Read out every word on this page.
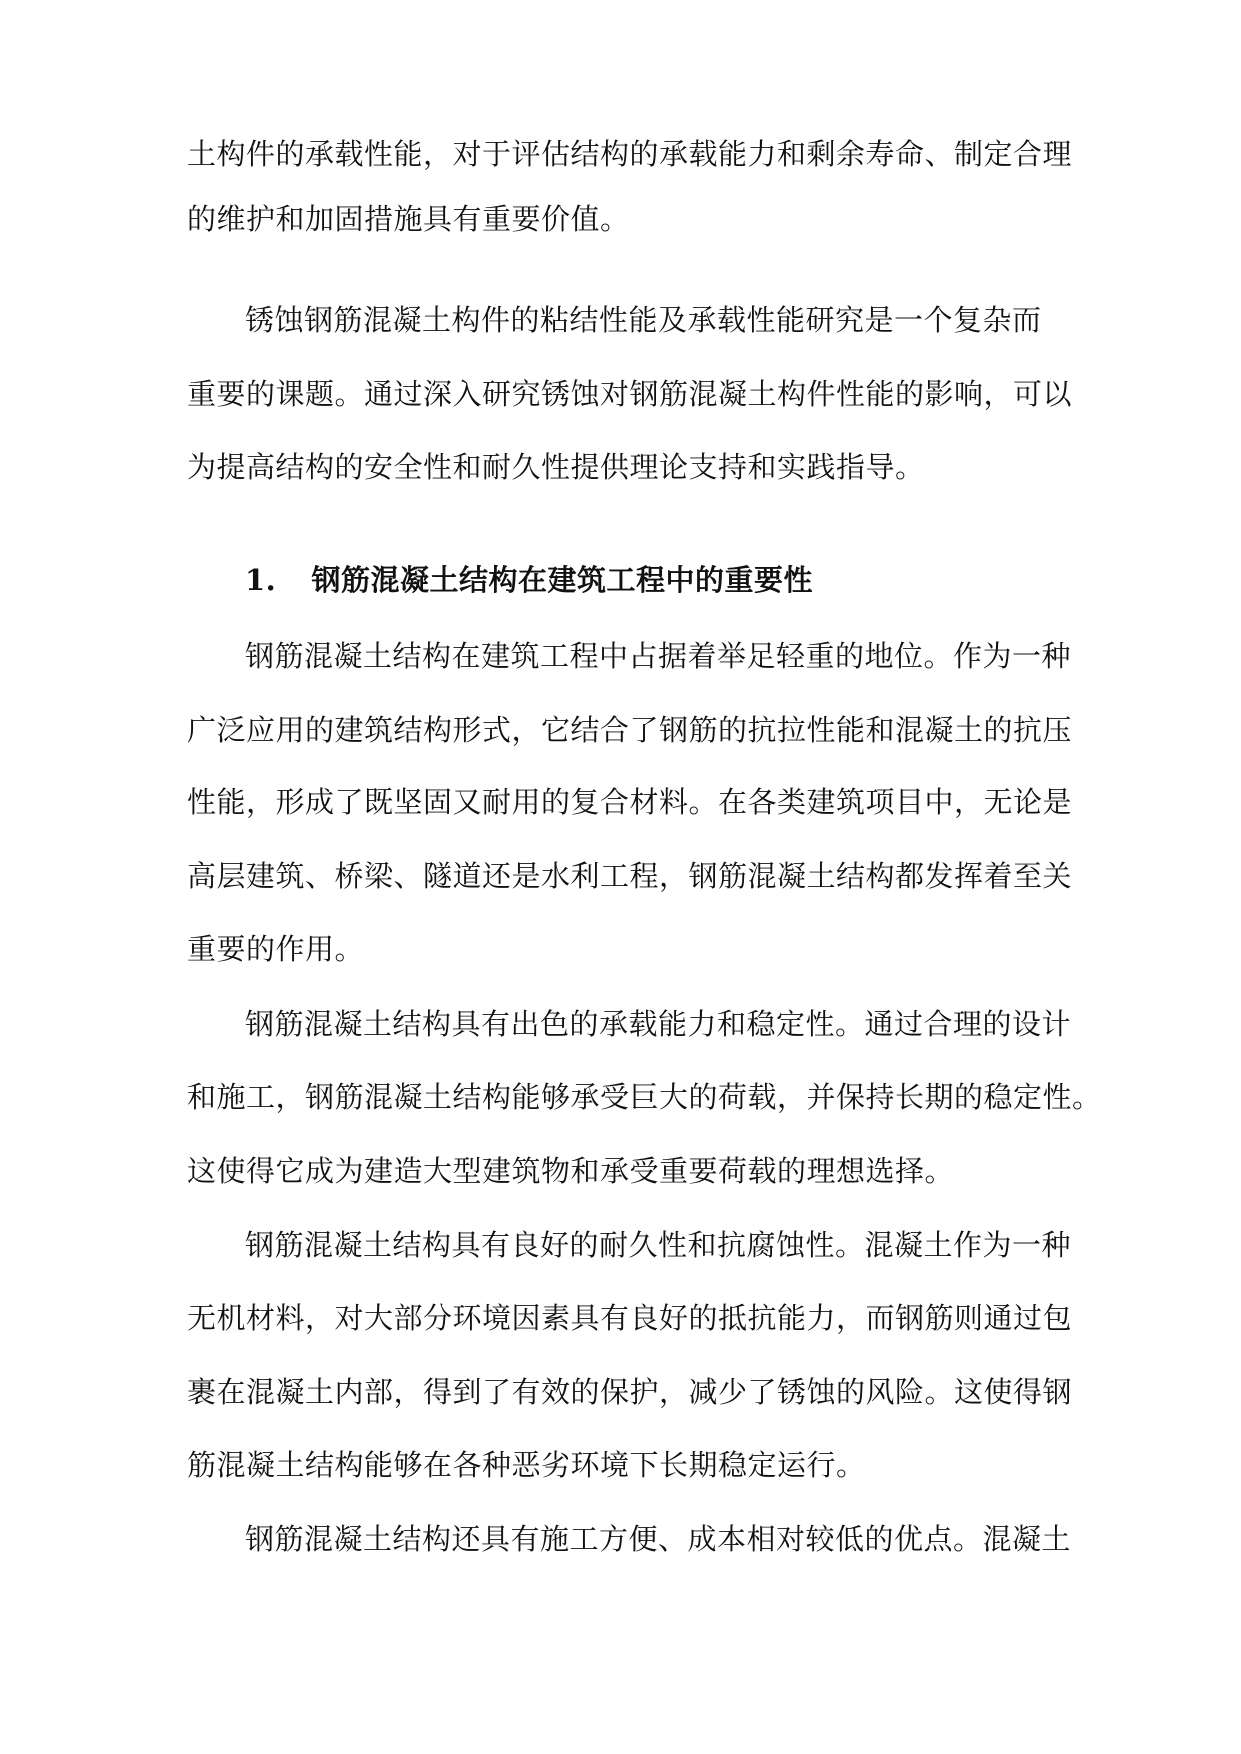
土构件的承载性能，对于评估结构的承载能力和剩余寿命、制定合理
的维护和加固措施具有重要价值。
锈蚀钢筋混凝土构件的粘结性能及承载性能研究是一个复杂而
重要的课题。通过深入研究锈蚀对钢筋混凝土构件性能的影响，可以
为提高结构的安全性和耐久性提供理论支持和实践指导。
1. 钢筋混凝土结构在建筑工程中的重要性
钢筋混凝土结构在建筑工程中占据着举足轻重的地位。作为一种
广泛应用的建筑结构形式，它结合了钢筋的抗拉性能和混凝土的抗压
性能，形成了既坚固又耐用的复合材料。在各类建筑项目中，无论是
高层建筑、桥梁、隧道还是水利工程，钢筋混凝土结构都发挥着至关
重要的作用。
钢筋混凝土结构具有出色的承载能力和稳定性。通过合理的设计
和施工，钢筋混凝土结构能够承受巨大的荷载，并保持长期的稳定性。
这使得它成为建造大型建筑物和承受重要荷载的理想选择。
钢筋混凝土结构具有良好的耐久性和抗腐蚀性。混凝土作为一种
无机材料，对大部分环境因素具有良好的抵抗能力，而钢筋则通过包
裹在混凝土内部，得到了有效的保护，减少了锈蚀的风险。这使得钢
筋混凝土结构能够在各种恶劣环境下长期稳定运行。
钢筋混凝土结构还具有施工方便、成本相对较低的优点。混凝土
